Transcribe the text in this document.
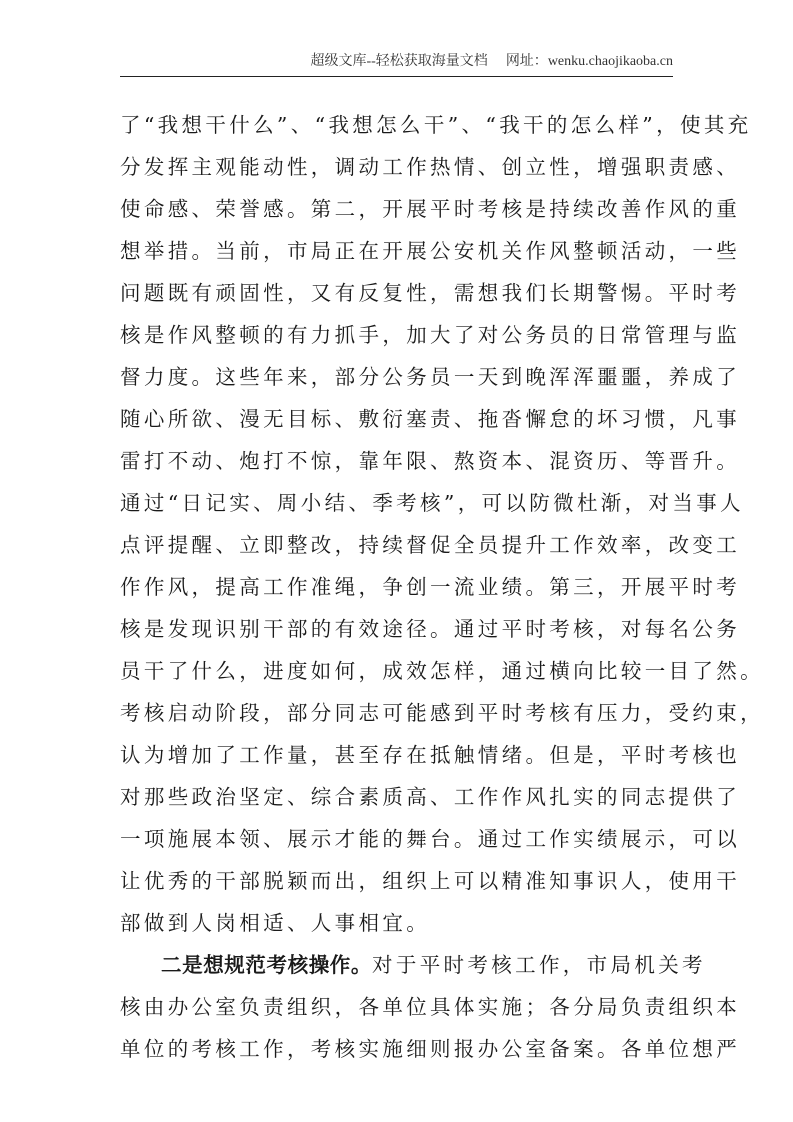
超级文库--轻松获取海量文档 网址：wenku.chaojikaoba.cn
了“我想干什么”、“我想怎么干”、“我干的怎么样”，使其充
分发挥主观能动性，调动工作热情、创立性，增强职责感、
使命感、荣誉感。第二，开展平时考核是持续改善作风的重
想举措。当前，市局正在开展公安机关作风整顿活动，一些
问题既有顽固性，又有反复性，需想我们长期警惕。平时考
核是作风整顿的有力抓手，加大了对公务员的日常管理与监
督力度。这些年来，部分公务员一天到晚浑浑噩噩，养成了
随心所欲、漫无目标、敷衍塞责、拖沓懈怠的坏习惯，凡事
雷打不动、炮打不惊，靠年限、熬资本、混资历、等晋升。
通过“日记实、周小结、季考核”，可以防微杜渐，对当事人
点评提醒、立即整改，持续督促全员提升工作效率，改变工
作作风，提高工作准绳，争创一流业绩。第三，开展平时考
核是发现识别干部的有效途径。通过平时考核，对每名公务
员干了什么，进度如何，成效怎样，通过横向比较一目了然。
考核启动阶段，部分同志可能感到平时考核有压力，受约束，
认为增加了工作量，甚至存在抵触情绪。但是，平时考核也
对那些政治坚定、综合素质高、工作作风扎实的同志提供了
一项施展本领、展示才能的舞台。通过工作实绩展示，可以
让优秀的干部脱颖而出，组织上可以精准知事识人，使用干
部做到人岗相适、人事相宜。
二是想规范考核操作。对于平时考核工作，市局机关考
核由办公室负责组织，各单位具体实施；各分局负责组织本
单位的考核工作，考核实施细则报办公室备案。各单位想严
